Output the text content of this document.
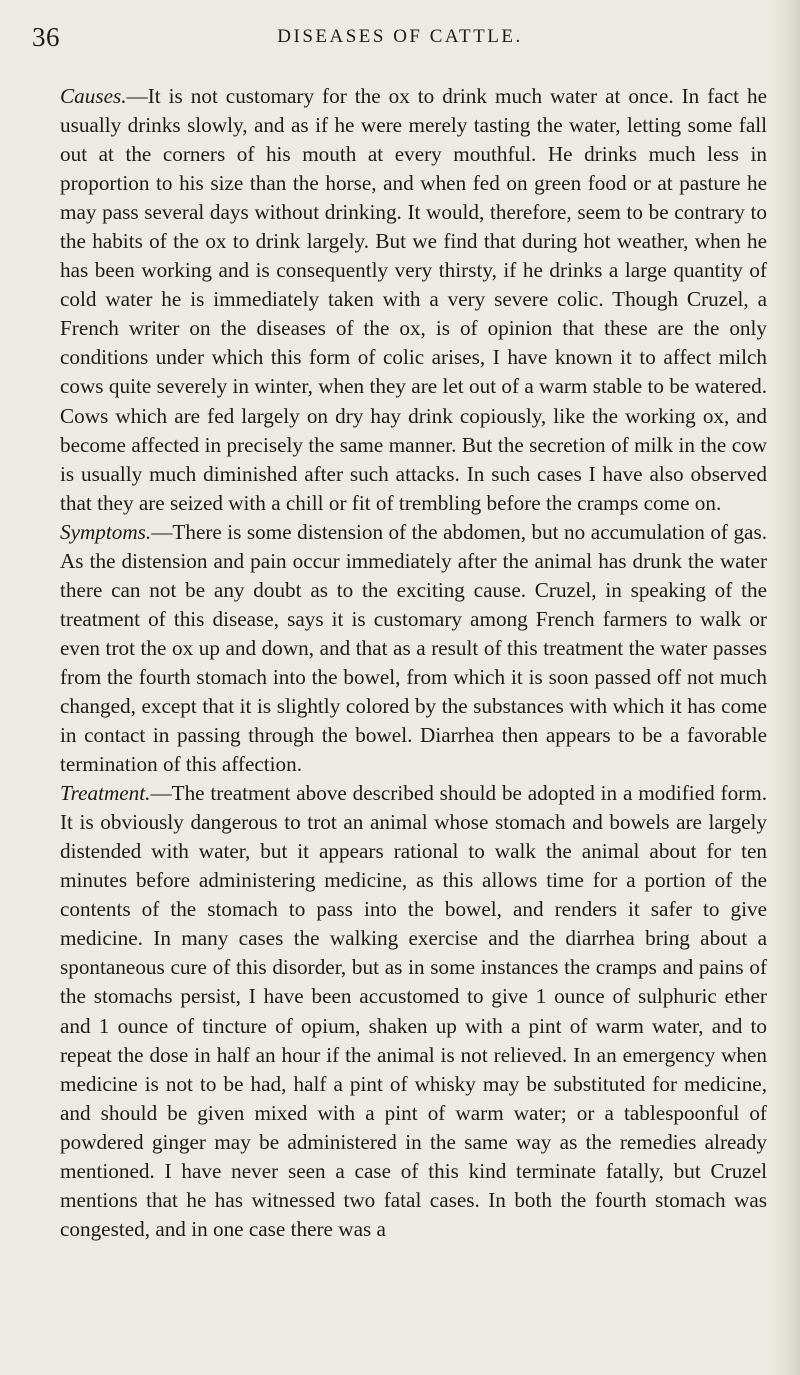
36	DISEASES OF CATTLE.

Causes.—It is not customary for the ox to drink much water at once. In fact he usually drinks slowly, and as if he were merely tasting the water, letting some fall out at the corners of his mouth at every mouthful. He drinks much less in proportion to his size than the horse, and when fed on green food or at pasture he may pass several days without drinking. It would, therefore, seem to be contrary to the habits of the ox to drink largely. But we find that during hot weather, when he has been working and is consequently very thirsty, if he drinks a large quantity of cold water he is immediately taken with a very severe colic. Though Cruzel, a French writer on the diseases of the ox, is of opinion that these are the only conditions under which this form of colic arises, I have known it to affect milch cows quite severely in winter, when they are let out of a warm stable to be watered. Cows which are fed largely on dry hay drink copiously, like the working ox, and become affected in precisely the same manner. But the secretion of milk in the cow is usually much diminished after such attacks. In such cases I have also observed that they are seized with a chill or fit of trembling before the cramps come on.

Symptoms.—There is some distension of the abdomen, but no accumulation of gas. As the distension and pain occur immediately after the animal has drunk the water there can not be any doubt as to the exciting cause. Cruzel, in speaking of the treatment of this disease, says it is customary among French farmers to walk or even trot the ox up and down, and that as a result of this treatment the water passes from the fourth stomach into the bowel, from which it is soon passed off not much changed, except that it is slightly colored by the substances with which it has come in contact in passing through the bowel. Diarrhea then appears to be a favorable termination of this affection.

Treatment.—The treatment above described should be adopted in a modified form. It is obviously dangerous to trot an animal whose stomach and bowels are largely distended with water, but it appears rational to walk the animal about for ten minutes before administering medicine, as this allows time for a portion of the contents of the stomach to pass into the bowel, and renders it safer to give medicine. In many cases the walking exercise and the diarrhea bring about a spontaneous cure of this disorder, but as in some instances the cramps and pains of the stomachs persist, I have been accustomed to give 1 ounce of sulphuric ether and 1 ounce of tincture of opium, shaken up with a pint of warm water, and to repeat the dose in half an hour if the animal is not relieved. In an emergency when medicine is not to be had, half a pint of whisky may be substituted for medicine, and should be given mixed with a pint of warm water; or a tablespoonful of powdered ginger may be administered in the same way as the remedies already mentioned. I have never seen a case of this kind terminate fatally, but Cruzel mentions that he has witnessed two fatal cases. In both the fourth stomach was congested, and in one case there was a
